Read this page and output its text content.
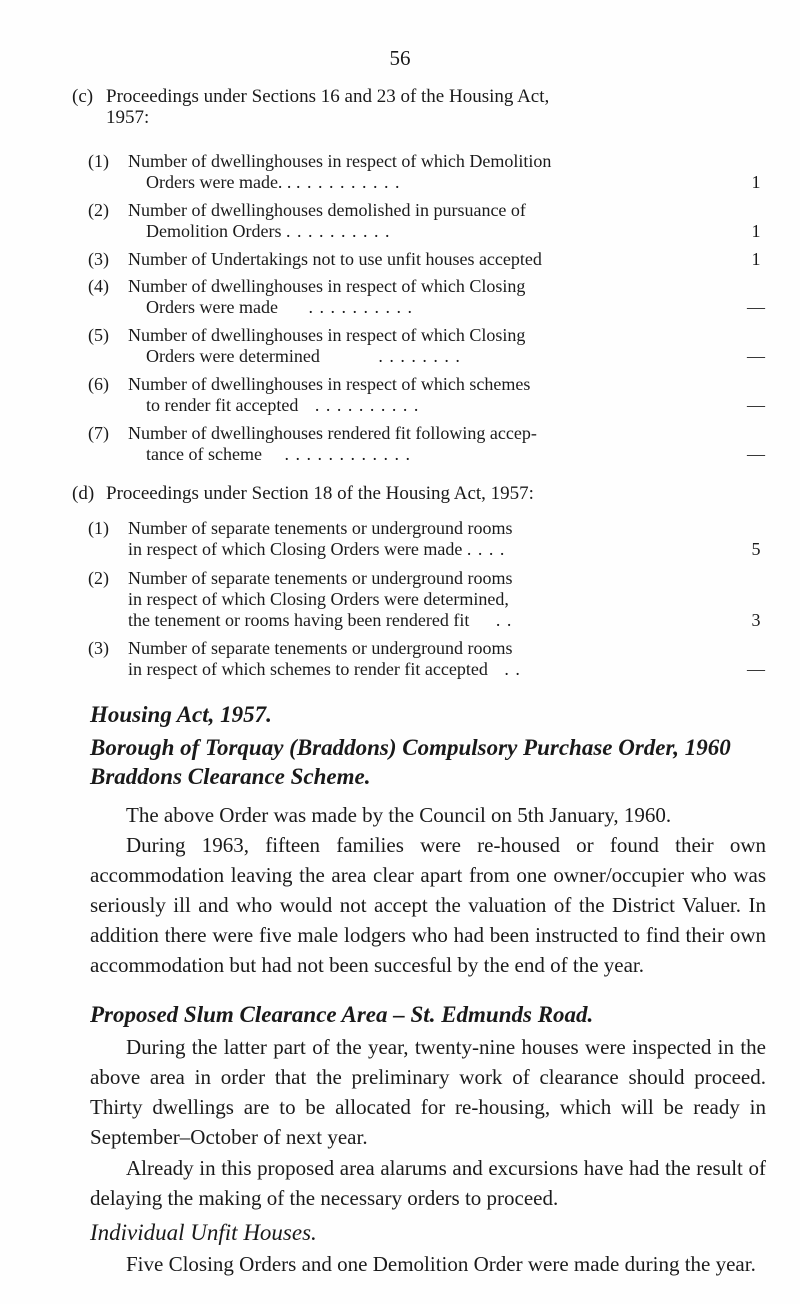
56
(c) Proceedings under Sections 16 and 23 of the Housing Act,
1957:
(1) Number of dwellinghouses in respect of which Demolition
Orders were made. . . . . . . . . . . .	1
(2) Number of dwellinghouses demolished in pursuance of
Demolition Orders . . . . . . . . . .	1
(3) Number of Undertakings not to use unfit houses accepted	1
(4) Number of dwellinghouses in respect of which Closing
Orders were made . . . . . . . . . .	—
(5) Number of dwellinghouses in respect of which Closing
Orders were determined	. . . . . . . .	—
(6) Number of dwellinghouses in respect of which schemes
to render fit accepted . . . . . . . . . .	—
(7) Number of dwellinghouses rendered fit following accep-
tance of scheme . . . . . . . . . . . .	—
(d) Proceedings under Section 18 of the Housing Act, 1957:
(1) Number of separate tenements or underground rooms
in respect of which Closing Orders were made . . . .	5
(2) Number of separate tenements or underground rooms
in respect of which Closing Orders were determined,
the tenement or rooms having been rendered fit . .	3
(3) Number of separate tenements or underground rooms
in respect of which schemes to render fit accepted . .	—
Housing Act, 1957.
Borough of Torquay (Braddons) Compulsory Purchase Order, 1960
Braddons Clearance Scheme.
The above Order was made by the Council on 5th January, 1960.
During 1963, fifteen families were re-housed or found their own accommodation leaving the area clear apart from one owner/occupier who was seriously ill and who would not accept the valuation of the District Valuer. In addition there were five male lodgers who had been instructed to find their own accommodation but had not been succesful by the end of the year.
Proposed Slum Clearance Area – St. Edmunds Road.
During the latter part of the year, twenty-nine houses were inspected in the above area in order that the preliminary work of clearance should proceed. Thirty dwellings are to be allocated for re-housing, which will be ready in September–October of next year.
Already in this proposed area alarums and excursions have had the result of delaying the making of the necessary orders to proceed.
Individual Unfit Houses.
Five Closing Orders and one Demolition Order were made during the year.
